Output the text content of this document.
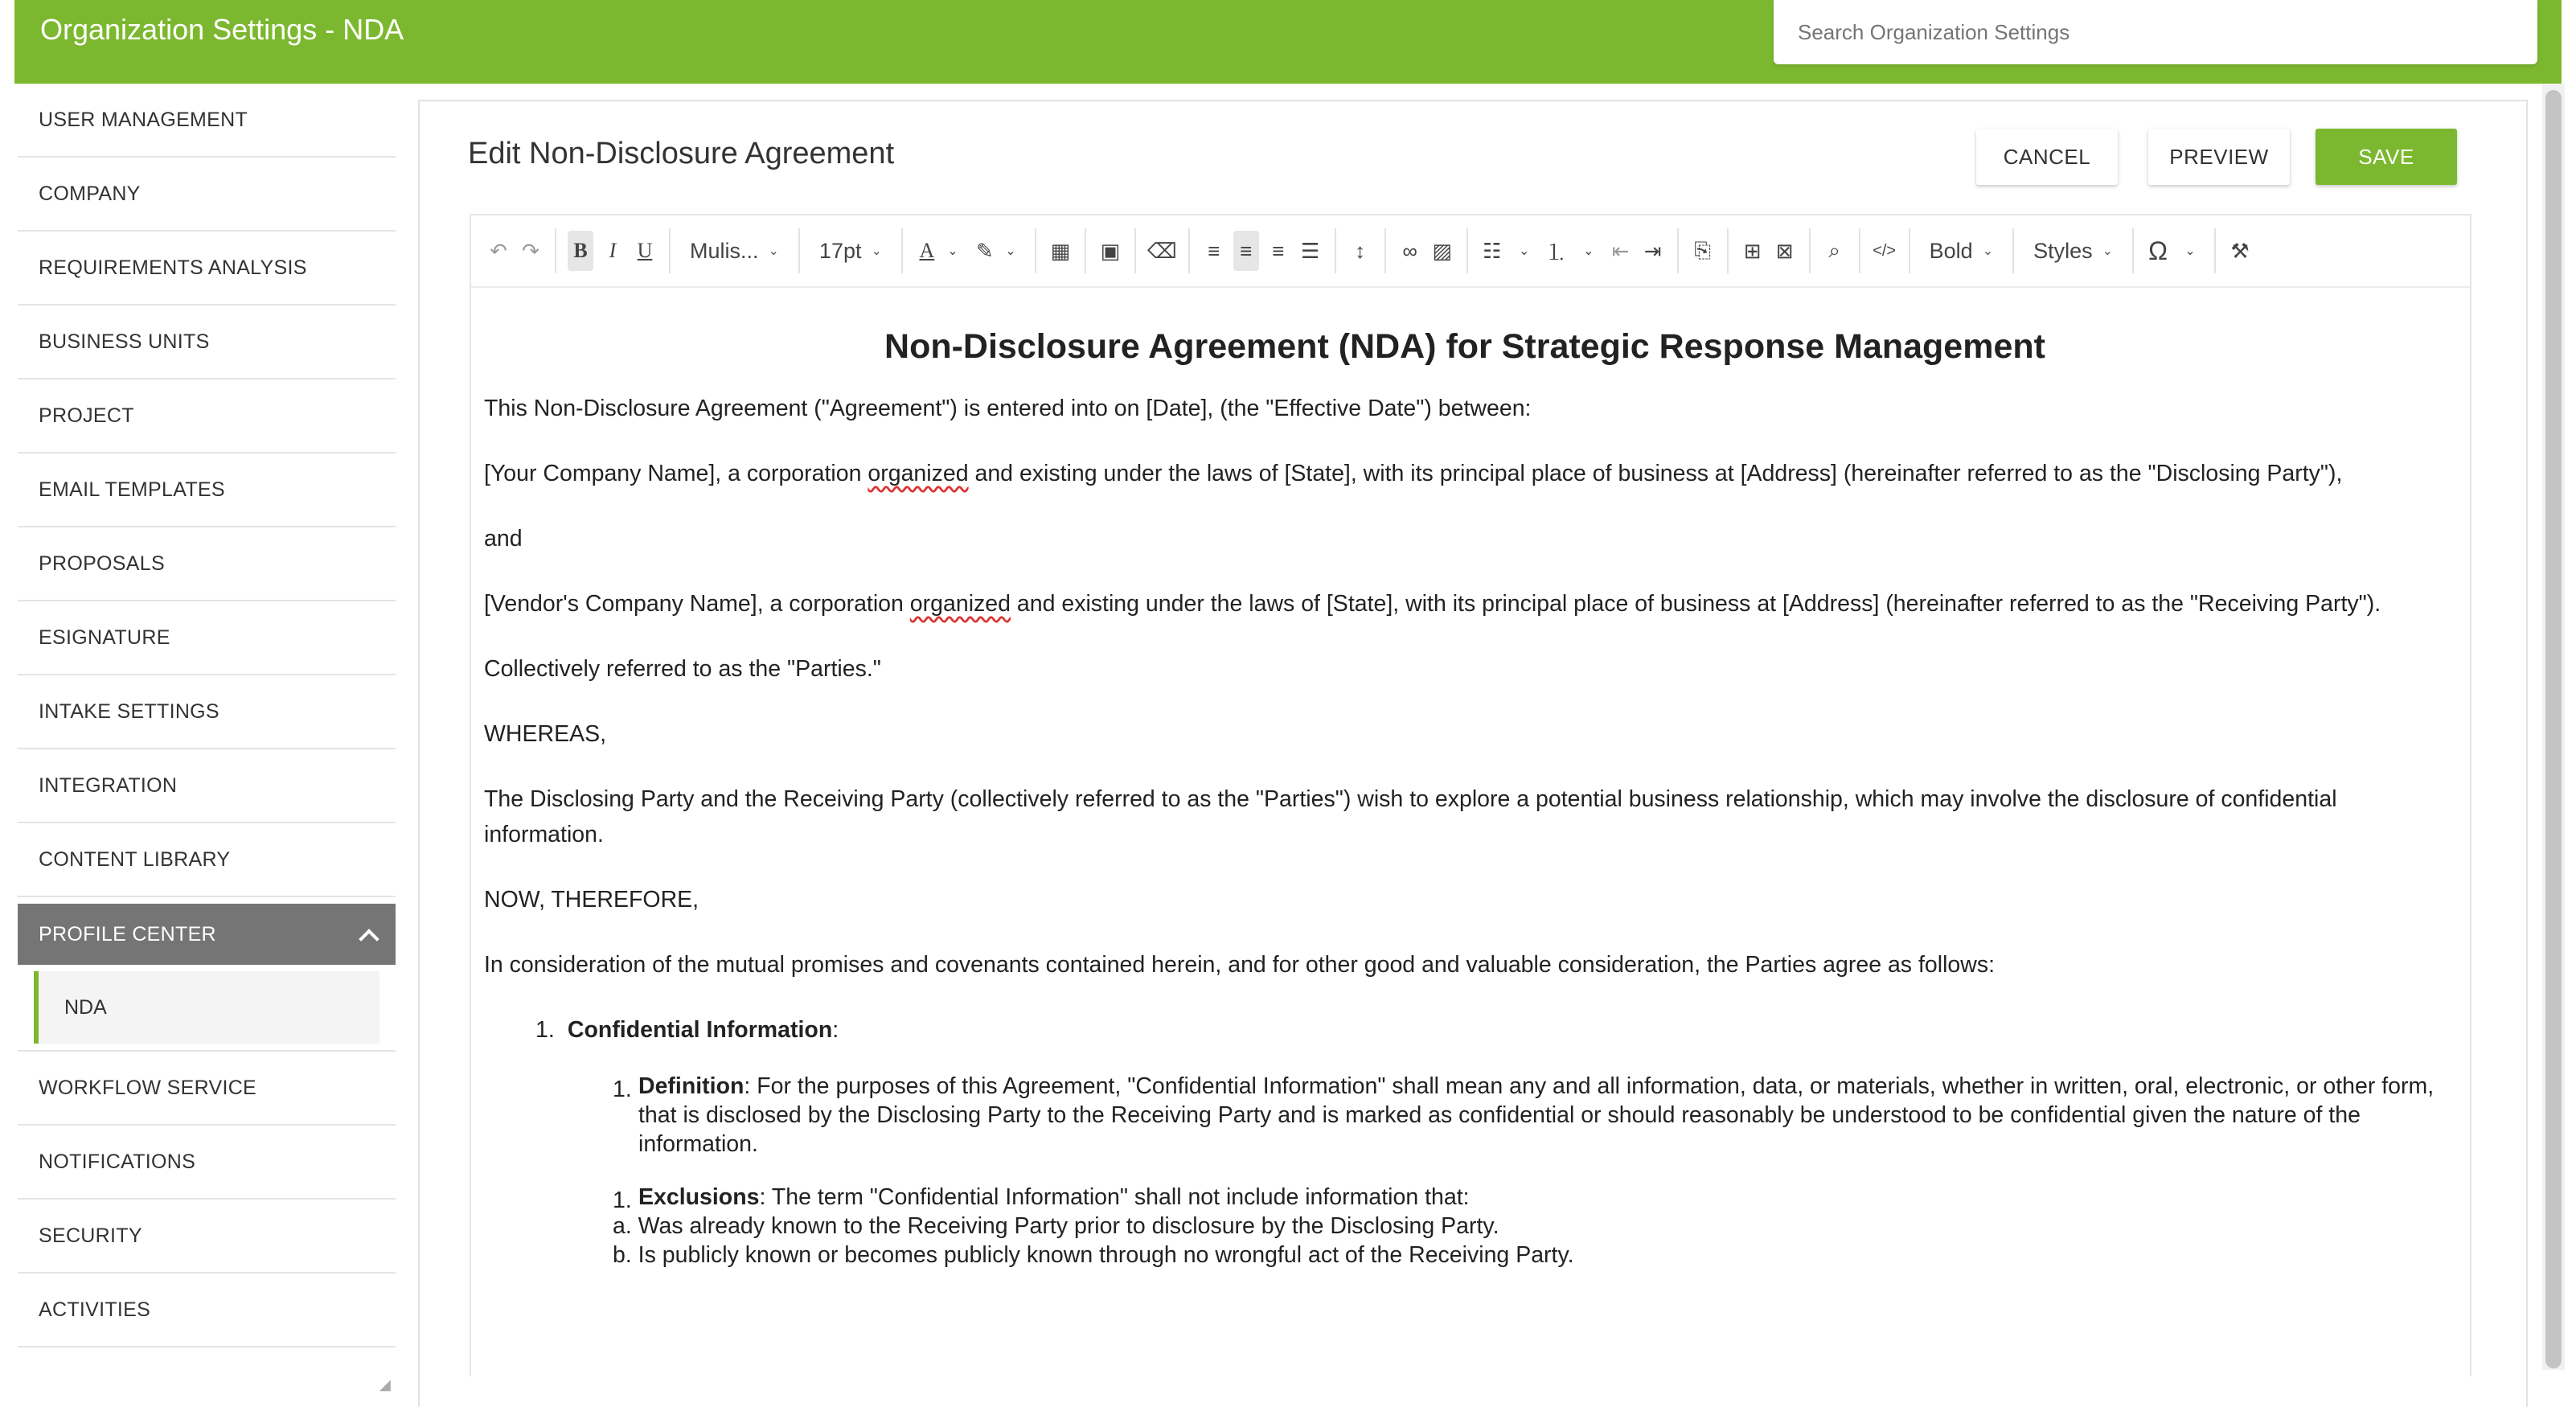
Organization Settings - NDA
Search Organization Settings
USER MANAGEMENT
COMPANY
REQUIREMENTS ANALYSIS
BUSINESS UNITS
PROJECT
EMAIL TEMPLATES
PROPOSALS
ESIGNATURE
INTAKE SETTINGS
INTEGRATION
CONTENT LIBRARY
PROFILE CENTER
NDA
WORKFLOW SERVICE
NOTIFICATIONS
SECURITY
ACTIVITIES
◢
Edit Non-Disclosure Agreement	CANCEL	PREVIEW	SAVE
↶ ↷ B	I	U Mulis... ⌄ 17pt ⌄ A ⌄ ✎ ⌄	▦ ▣ ⌫	≡ ≡ ≡ ☰	↕	∞ ▨ ☷	⌄ ⒈	⌄ ⇤ ⇥ ⎘ ⊞ ⊠	⌕	</> Bold ⌄ Styles ⌄ Ω	⌄	⚒
Non-Disclosure Agreement (NDA) for Strategic Response Management

This Non-Disclosure Agreement ("Agreement") is entered into on [Date], (the "Effective Date") between:

[Your Company Name], a corporation organized and existing under the laws of [State], with its principal place of business at [Address] (hereinafter referred to as the "Disclosing Party"),

and

[Vendor's Company Name], a corporation organized and existing under the laws of [State], with its principal place of business at [Address] (hereinafter referred to as the "Receiving Party").

Collectively referred to as the "Parties."

WHEREAS,

The Disclosing Party and the Receiving Party (collectively referred to as the "Parties") wish to explore a potential business relationship, which may involve the disclosure of confidential information.

NOW, THEREFORE,

In consideration of the mutual promises and covenants contained herein, and for other good and valuable consideration, the Parties agree as follows:

1. Confidential Information:
1. Definition: For the purposes of this Agreement, "Confidential Information" shall mean any and all information, data, or materials, whether in written, oral, electronic, or other form, that is disclosed by the Disclosing Party to the Receiving Party and is marked as confidential or should reasonably be understood to be confidential given the nature of the information.
1. Exclusions: The term "Confidential Information" shall not include information that:
a. Was already known to the Receiving Party prior to disclosure by the Disclosing Party.
b. Is publicly known or becomes publicly known through no wrongful act of the Receiving Party.
